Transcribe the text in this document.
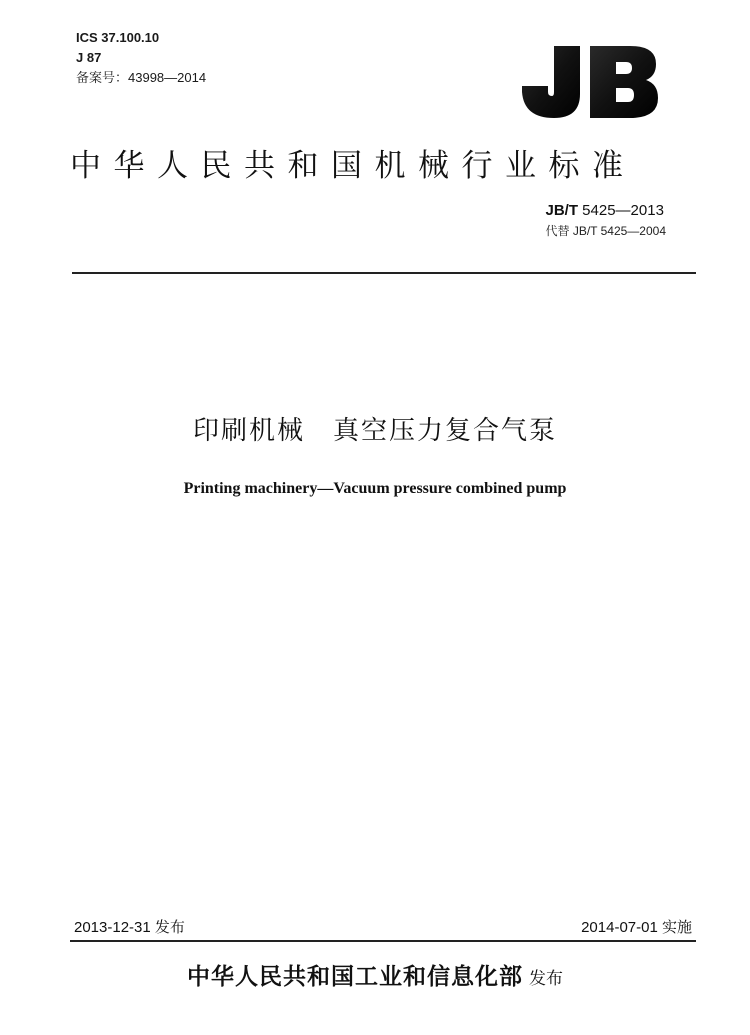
ICS 37.100.10
J 87
备案号：43998—2014
JB
中华人民共和国机械行业标准
JB/T 5425—2013
代替 JB/T 5425—2004
印刷机械　真空压力复合气泵
Printing machinery—Vacuum pressure combined pump
2013-12-31 发布	2014-07-01 实施
中华人民共和国工业和信息化部 发布
